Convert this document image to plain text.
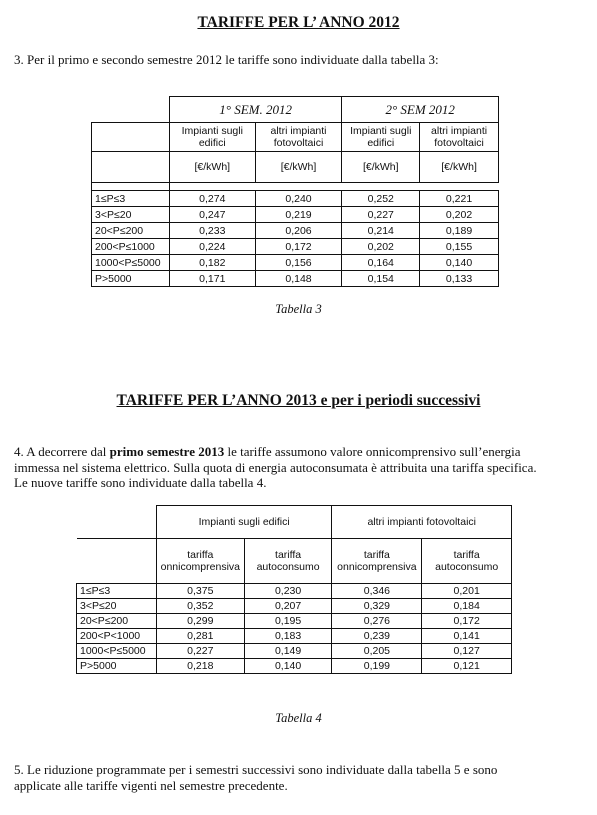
TARIFFE PER L’ ANNO 2012
3. Per il primo e secondo semestre 2012 le tariffe sono individuate dalla tabella 3:
	1° SEM. 2012		2° SEM 2012	
	Impianti sugli edifici	altri impianti fotovoltaici	Impianti sugli edifici	altri impianti fotovoltaici
	[€/kWh]	[€/kWh]	[€/kWh]	[€/kWh]

1≤P≤3	0,274	0,240	0,252	0,221
3<P≤20	0,247	0,219	0,227	0,202
20<P≤200	0,233	0,206	0,214	0,189
200<P≤1000	0,224	0,172	0,202	0,155
1000<P≤5000	0,182	0,156	0,164	0,140
P>5000	0,171	0,148	0,154	0,133
Tabella 3
TARIFFE PER L’ANNO 2013 e per i periodi successivi
4. A decorrere dal primo semestre 2013 le tariffe assumono valore onnicomprensivo sull’energia
immessa nel sistema elettrico. Sulla quota di energia autoconsumata è attribuita una tariffa specifica.
Le nuove tariffe sono individuate dalla tabella 4.
	Impianti sugli edifici		altri impianti fotovoltaici	
	tariffa onnicomprensiva	tariffa autoconsumo	tariffa onnicomprensiva	tariffa autoconsumo
1≤P≤3	0,375	0,230	0,346	0,201
3<P≤20	0,352	0,207	0,329	0,184
20<P≤200	0,299	0,195	0,276	0,172
200<P<1000	0,281	0,183	0,239	0,141
1000<P≤5000	0,227	0,149	0,205	0,127
P>5000	0,218	0,140	0,199	0,121
Tabella 4
5. Le riduzione programmate per i semestri successivi sono individuate dalla tabella 5 e sono
applicate alle tariffe vigenti nel semestre precedente.
